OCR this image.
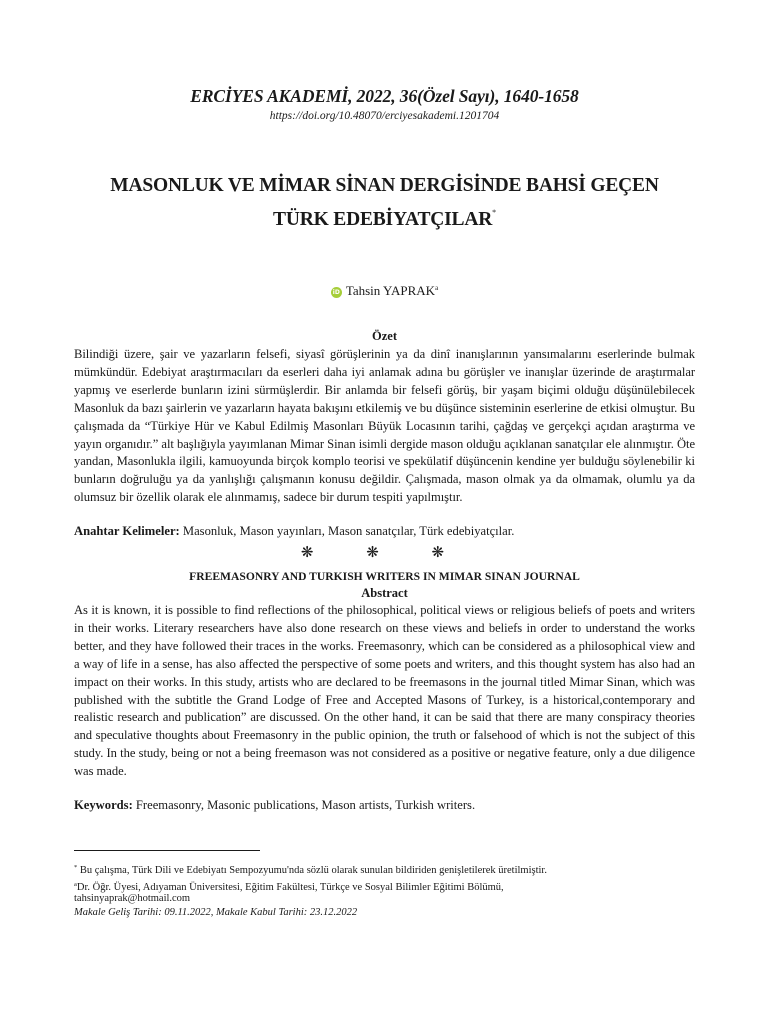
ERCİYES AKADEMİ, 2022, 36(Özel Sayı), 1640-1658
https://doi.org/10.48070/erciyesakademi.1201704
MASONLUK VE MİMAR SİNAN DERGİSİNDE BAHSİ GEÇEN
TÜRK EDEBİYATÇILAR*
iD Tahsin YAPRAK$^a$
Özet

Bilindiği üzere, şair ve yazarların felsefi, siyasî görüşlerinin ya da dinî inanışlarının yansımalarını eserlerinde bulmak mümkündür. Edebiyat araştırmacıları da eserleri daha iyi anlamak adına bu görüşler ve inanışlar üzerinde de araştırmalar yapmış ve eserlerde bunların izini sürmüşlerdir. Bir anlamda bir felsefi görüş, bir yaşam biçimi olduğu düşünülebilecek Masonluk da bazı şairlerin ve yazarların hayata bakışını etkilemiş ve bu düşünce sisteminin eserlerine de etkisi olmuştur. Bu çalışmada da “Türkiye Hür ve Kabul Edilmiş Masonları Büyük Locasının tarihi, çağdaş ve gerçekçi açıdan araştırma ve yayın organıdır.” alt başlığıyla yayımlanan Mimar Sinan isimli dergide mason olduğu açıklanan sanatçılar ele alınmıştır. Öte yandan, Masonlukla ilgili, kamuoyunda birçok komplo teorisi ve spekülatif düşüncenin kendine yer bulduğu söylenebilir ki bunların doğruluğu ya da yanlışlığı çalışmanın konusu değildir. Çalışmada, mason olmak ya da olmamak, olumlu ya da olumsuz bir özellik olarak ele alınmamış, sadece bir durum tespiti yapılmıştır.

Anahtar Kelimeler: Masonluk, Mason yayınları, Mason sanatçılar, Türk edebiyatçılar.
❋ ❋ ❋
FREEMASONRY AND TURKISH WRITERS IN MIMAR SINAN JOURNAL
Abstract

As it is known, it is possible to find reflections of the philosophical, political views or religious beliefs of poets and writers in their works. Literary researchers have also done research on these views and beliefs in order to understand the works better, and they have followed their traces in the works. Freemasonry, which can be considered as a philosophical view and a way of life in a sense, has also affected the perspective of some poets and writers, and this thought system has also had an impact on their works. In this study, artists who are declared to be freemasons in the journal titled Mimar Sinan, which was published with the subtitle the Grand Lodge of Free and Accepted Masons of Turkey, is a historical,contemporary and realistic research and publication” are discussed. On the other hand, it can be said that there are many conspiracy theories and speculative thoughts about Freemasonry in the public opinion, the truth or falsehood of which is not the subject of this study. In the study, being or not a being freemason was not considered as a positive or negative feature, only a due diligence was made.

Keywords: Freemasonry, Masonic publications, Mason artists, Turkish writers.
* Bu çalışma, Türk Dili ve Edebiyatı Sempozyumu'nda sözlü olarak sunulan bildiriden genişletilerek üretilmiştir.
$^a$Dr. Öğr. Üyesi, Adıyaman Üniversitesi, Eğitim Fakültesi, Türkçe ve Sosyal Bilimler Eğitimi Bölümü,
tahsinyaprak@hotmail.com
Makale Geliş Tarihi: 09.11.2022, Makale Kabul Tarihi: 23.12.2022
